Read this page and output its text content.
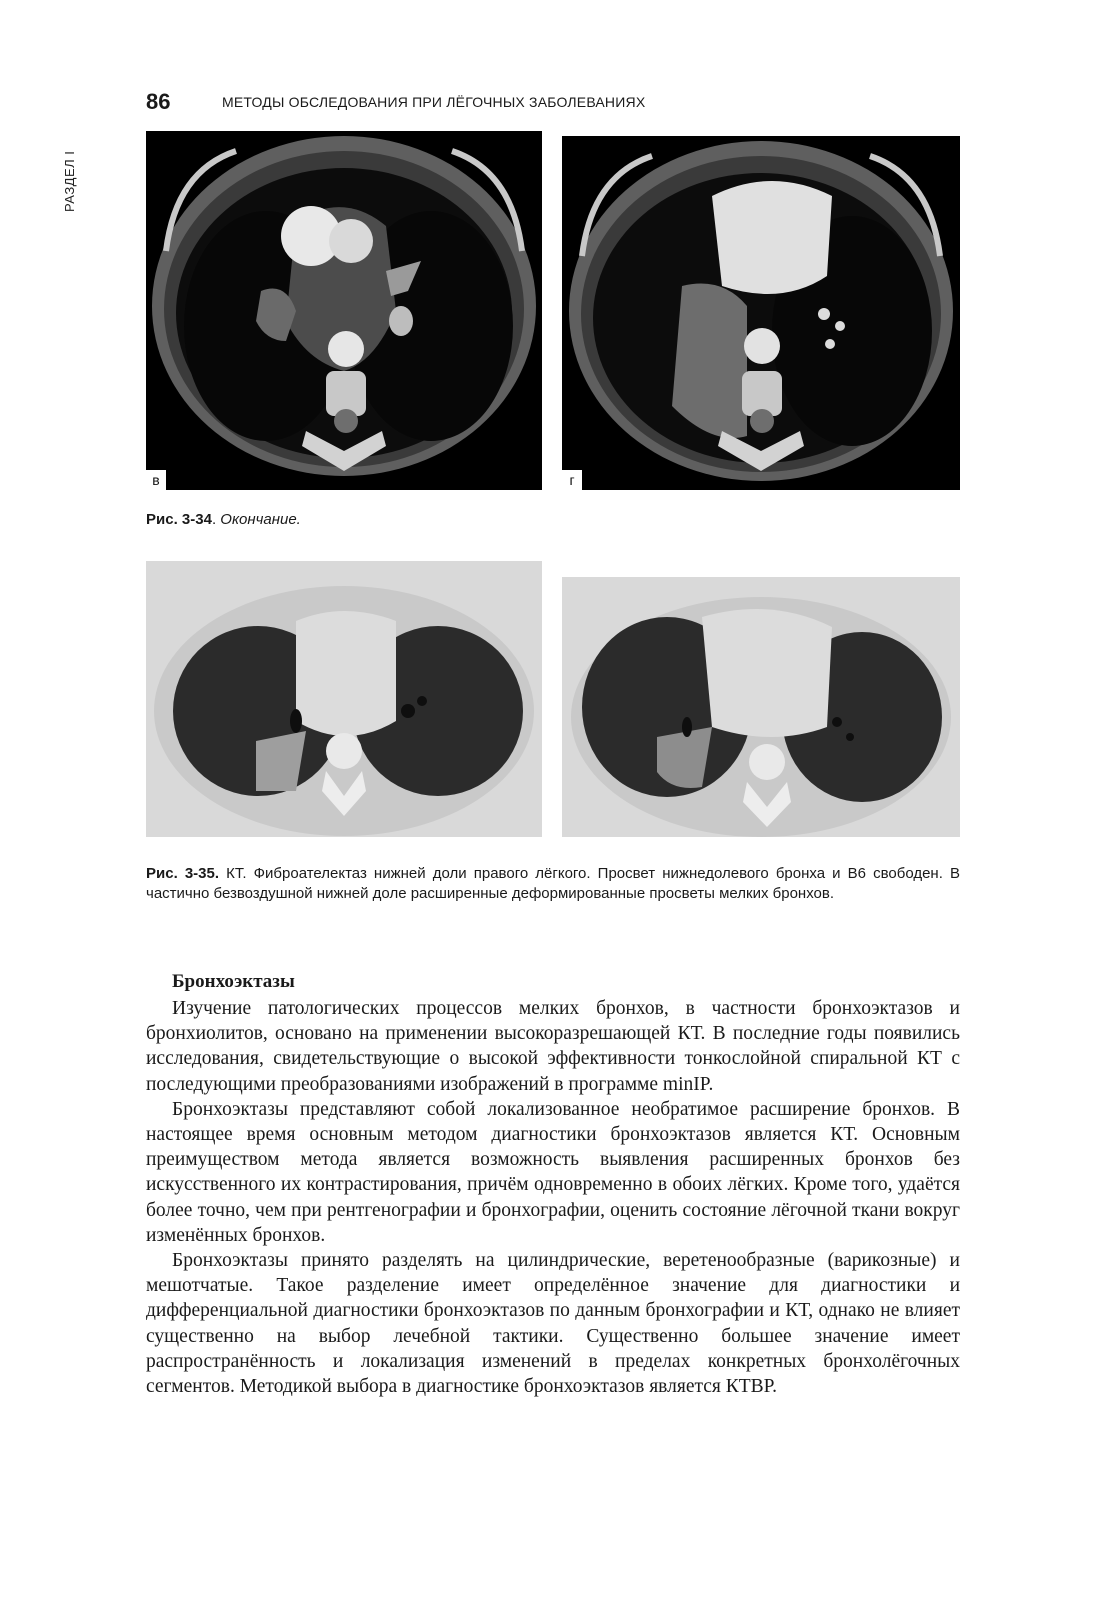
РАЗДЕЛ I
86	МЕТОДЫ ОБСЛЕДОВАНИЯ ПРИ ЛЁГОЧНЫХ ЗАБОЛЕВАНИЯХ
в	г
Рис. 3-34. Окончание.
Рис. 3-35. КТ. Фиброателектаз нижней доли правого лёгкого. Просвет нижнедолевого бронха и В6 свободен. В частично безвоздушной нижней доле расширенные деформированные просветы мелких бронхов.
Бронхоэктазы

Изучение патологических процессов мелких бронхов, в частности бронхоэктазов и бронхиолитов, основано на применении высокоразрешающей КТ. В последние годы появились исследования, свидетельствующие о высокой эффективности тонкослойной спиральной КТ с последующими преобразованиями изображений в программе minIP.

Бронхоэктазы представляют собой локализованное необратимое расширение бронхов. В настоящее время основным методом диагностики бронхоэктазов является КТ. Основным преимуществом метода является возможность выявления расширенных бронхов без искусственного их контрастирования, причём одновременно в обоих лёгких. Кроме того, удаётся более точно, чем при рентгенографии и бронхографии, оценить состояние лёгочной ткани вокруг изменённых бронхов.

Бронхоэктазы принято разделять на цилиндрические, веретенообразные (варикозные) и мешотчатые. Такое разделение имеет определённое значение для диагностики и дифференциальной диагностики бронхоэктазов по данным бронхографии и КТ, однако не влияет существенно на выбор лечебной тактики. Существенно большее значение имеет распространённость и локализация изменений в пределах конкретных бронхолёгочных сегментов. Методикой выбора в диагностике бронхоэктазов является КТВР.
